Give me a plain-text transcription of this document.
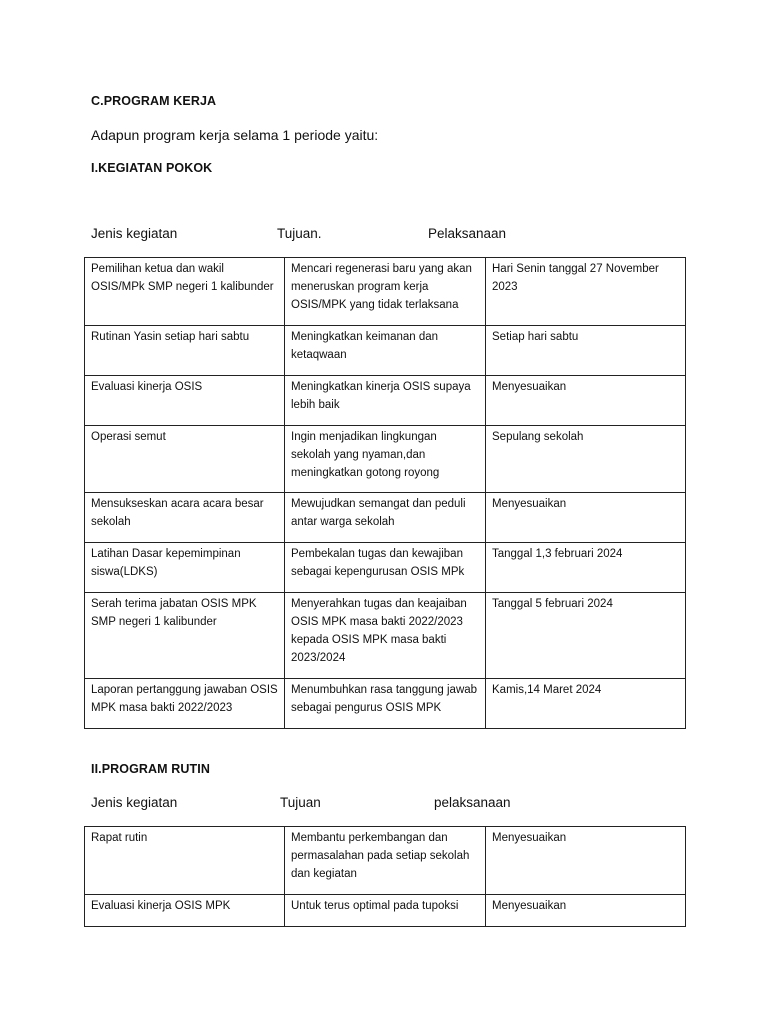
C.PROGRAM KERJA
Adapun program kerja selama 1 periode yaitu:
I.KEGIATAN POKOK
Jenis kegiatan	Tujuan.	Pelaksanaan
Pemilihan ketua dan wakil OSIS/MPk SMP negeri 1 kalibunder	Mencari regenerasi baru yang akan meneruskan program kerja OSIS/MPK yang tidak terlaksana	Hari Senin tanggal 27 November 2023
Rutinan Yasin setiap hari sabtu	Meningkatkan keimanan dan ketaqwaan	Setiap hari sabtu
Evaluasi kinerja OSIS	Meningkatkan kinerja OSIS supaya lebih baik	Menyesuaikan
Operasi semut	Ingin menjadikan lingkungan sekolah yang nyaman,dan meningkatkan gotong royong	Sepulang sekolah
Mensukseskan acara acara besar sekolah	Mewujudkan semangat dan peduli antar warga sekolah	Menyesuaikan
Latihan Dasar kepemimpinan siswa(LDKS)	Pembekalan tugas dan kewajiban sebagai kepengurusan OSIS MPk	Tanggal 1,3 februari 2024
Serah terima jabatan OSIS MPK SMP negeri 1 kalibunder	Menyerahkan tugas dan keajaiban OSIS MPK masa bakti 2022/2023 kepada OSIS MPK masa bakti 2023/2024	Tanggal 5 februari 2024
Laporan pertanggung jawaban OSIS MPK masa bakti 2022/2023	Menumbuhkan rasa tanggung jawab sebagai pengurus OSIS MPK	Kamis,14 Maret 2024
II.PROGRAM RUTIN
Jenis kegiatan	Tujuan	pelaksanaan
Rapat rutin	Membantu perkembangan dan permasalahan pada setiap sekolah dan kegiatan	Menyesuaikan
Evaluasi kinerja OSIS MPK	Untuk terus optimal pada tupoksi	Menyesuaikan
